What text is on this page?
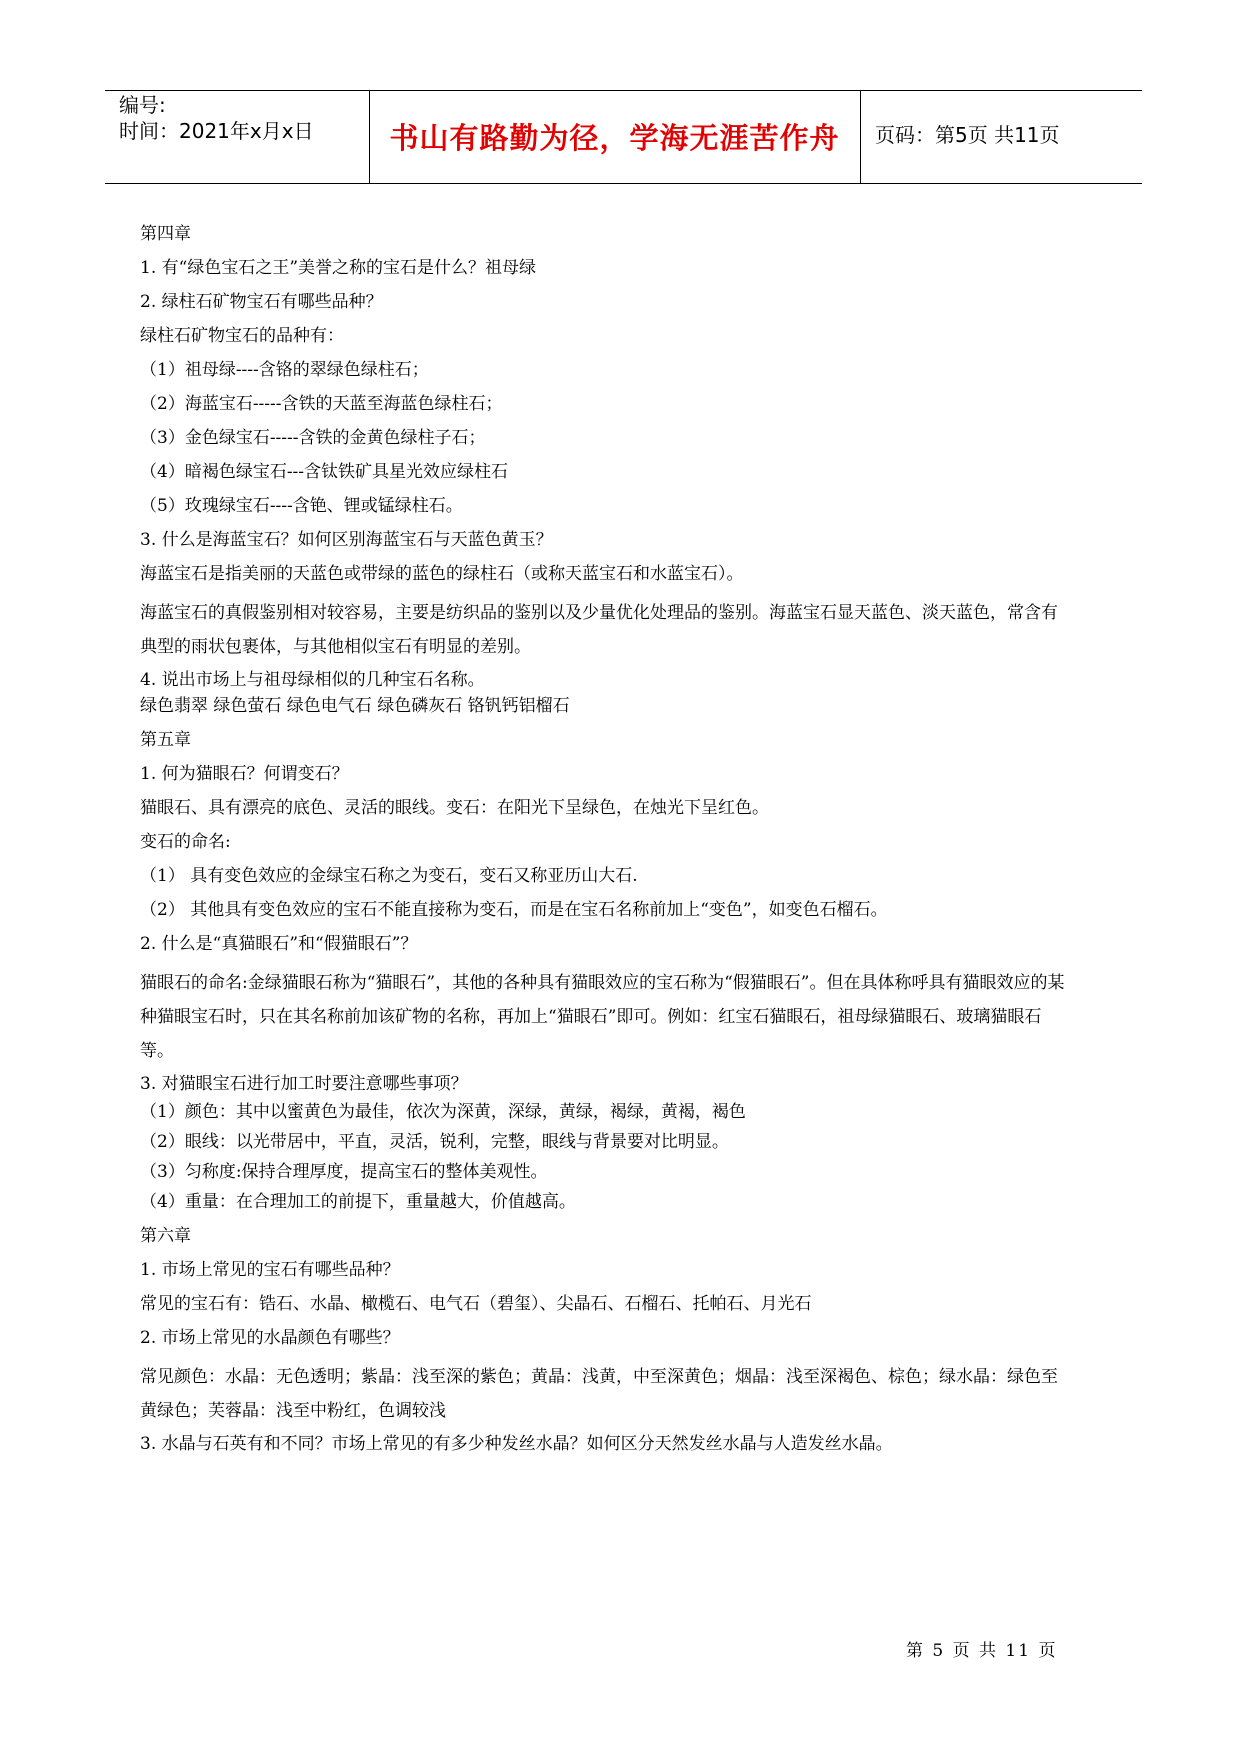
编号:
时间：2021年x月x日	书山有路勤为径，学海无涯苦作舟	页码：第5页 共11页

第四章

1. 有“绿色宝石之王”美誉之称的宝石是什么？祖母绿

2. 绿柱石矿物宝石有哪些品种？

绿柱石矿物宝石的品种有：

（1）祖母绿----含铬的翠绿色绿柱石；

（2）海蓝宝石-----含铁的天蓝至海蓝色绿柱石；

（3）金色绿宝石-----含铁的金黄色绿柱子石；

（4）暗褐色绿宝石---含钛铁矿具星光效应绿柱石

（5）玫瑰绿宝石----含铯、锂或锰绿柱石。

3. 什么是海蓝宝石？如何区别海蓝宝石与天蓝色黄玉？

海蓝宝石是指美丽的天蓝色或带绿的蓝色的绿柱石（或称天蓝宝石和水蓝宝石）。

海蓝宝石的真假鉴别相对较容易，主要是纺织品的鉴别以及少量优化处理品的鉴别。海蓝宝石显天蓝色、淡天蓝色，常含有典型的雨状包裹体，与其他相似宝石有明显的差别。

4. 说出市场上与祖母绿相似的几种宝石名称。

绿色翡翠 绿色萤石 绿色电气石 绿色磷灰石 铬钒钙铝榴石

第五章

1. 何为猫眼石？何谓变石？

猫眼石、具有漂亮的底色、灵活的眼线。变石：在阳光下呈绿色，在烛光下呈红色。

变石的命名:

（1） 具有变色效应的金绿宝石称之为变石，变石又称亚历山大石.

（2） 其他具有变色效应的宝石不能直接称为变石，而是在宝石名称前加上“变色”，如变色石榴石。

2. 什么是“真猫眼石”和“假猫眼石”？

猫眼石的命名:金绿猫眼石称为“猫眼石”，其他的各种具有猫眼效应的宝石称为“假猫眼石”。但在具体称呼具有猫眼效应的某种猫眼宝石时，只在其名称前加该矿物的名称，再加上“猫眼石”即可。例如：红宝石猫眼石，祖母绿猫眼石、玻璃猫眼石等。

3. 对猫眼宝石进行加工时要注意哪些事项？

（1）颜色：其中以蜜黄色为最佳，依次为深黄，深绿，黄绿，褐绿，黄褐，褐色

（2）眼线：以光带居中，平直，灵活，锐利，完整，眼线与背景要对比明显。

（3）匀称度:保持合理厚度，提高宝石的整体美观性。

（4）重量：在合理加工的前提下，重量越大，价值越高。

第六章

1. 市场上常见的宝石有哪些品种？

常见的宝石有：锆石、水晶、橄榄石、电气石（碧玺）、尖晶石、石榴石、托帕石、月光石

2. 市场上常见的水晶颜色有哪些？

常见颜色：水晶：无色透明；紫晶：浅至深的紫色；黄晶：浅黄，中至深黄色；烟晶：浅至深褐色、棕色；绿水晶：绿色至黄绿色；芙蓉晶：浅至中粉红，色调较浅

3. 水晶与石英有和不同？市场上常见的有多少种发丝水晶？如何区分天然发丝水晶与人造发丝水晶。

第 5 页 共 11 页
